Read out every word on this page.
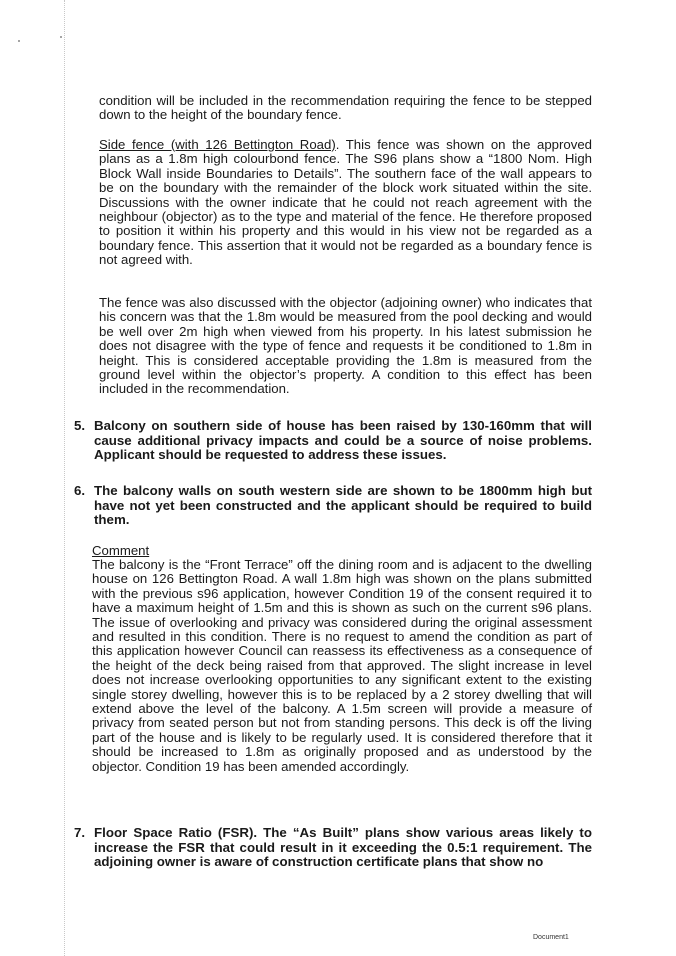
condition will be included in the recommendation requiring the fence to be stepped down to the height of the boundary fence.

Side fence (with 126 Bettington Road). This fence was shown on the approved plans as a 1.8m high colourbond fence. The S96 plans show a “1800 Nom. High Block Wall inside Boundaries to Details”. The southern face of the wall appears to be on the boundary with the remainder of the block work situated within the site. Discussions with the owner indicate that he could not reach agreement with the neighbour (objector) as to the type and material of the fence. He therefore proposed to position it within his property and this would in his view not be regarded as a boundary fence. This assertion that it would not be regarded as a boundary fence is not agreed with.

The fence was also discussed with the objector (adjoining owner) who indicates that his concern was that the 1.8m would be measured from the pool decking and would be well over 2m high when viewed from his property. In his latest submission he does not disagree with the type of fence and requests it be conditioned to 1.8m in height. This is considered acceptable providing the 1.8m is measured from the ground level within the objector’s property. A condition to this effect has been included in the recommendation.

5. Balcony on southern side of house has been raised by 130-160mm that will cause additional privacy impacts and could be a source of noise problems. Applicant should be requested to address these issues.
6. The balcony walls on south western side are shown to be 1800mm high but have not yet been constructed and the applicant should be required to build them.

Comment

The balcony is the “Front Terrace” off the dining room and is adjacent to the dwelling house on 126 Bettington Road. A wall 1.8m high was shown on the plans submitted with the previous s96 application, however Condition 19 of the consent required it to have a maximum height of 1.5m and this is shown as such on the current s96 plans. The issue of overlooking and privacy was considered during the original assessment and resulted in this condition. There is no request to amend the condition as part of this application however Council can reassess its effectiveness as a consequence of the height of the deck being raised from that approved. The slight increase in level does not increase overlooking opportunities to any significant extent to the existing single storey dwelling, however this is to be replaced by a 2 storey dwelling that will extend above the level of the balcony. A 1.5m screen will provide a measure of privacy from seated person but not from standing persons. This deck is off the living part of the house and is likely to be regularly used. It is considered therefore that it should be increased to 1.8m as originally proposed and as understood by the objector. Condition 19 has been amended accordingly.

7. Floor Space Ratio (FSR). The “As Built” plans show various areas likely to increase the FSR that could result in it exceeding the 0.5:1 requirement. The adjoining owner is aware of construction certificate plans that show no
Document1
